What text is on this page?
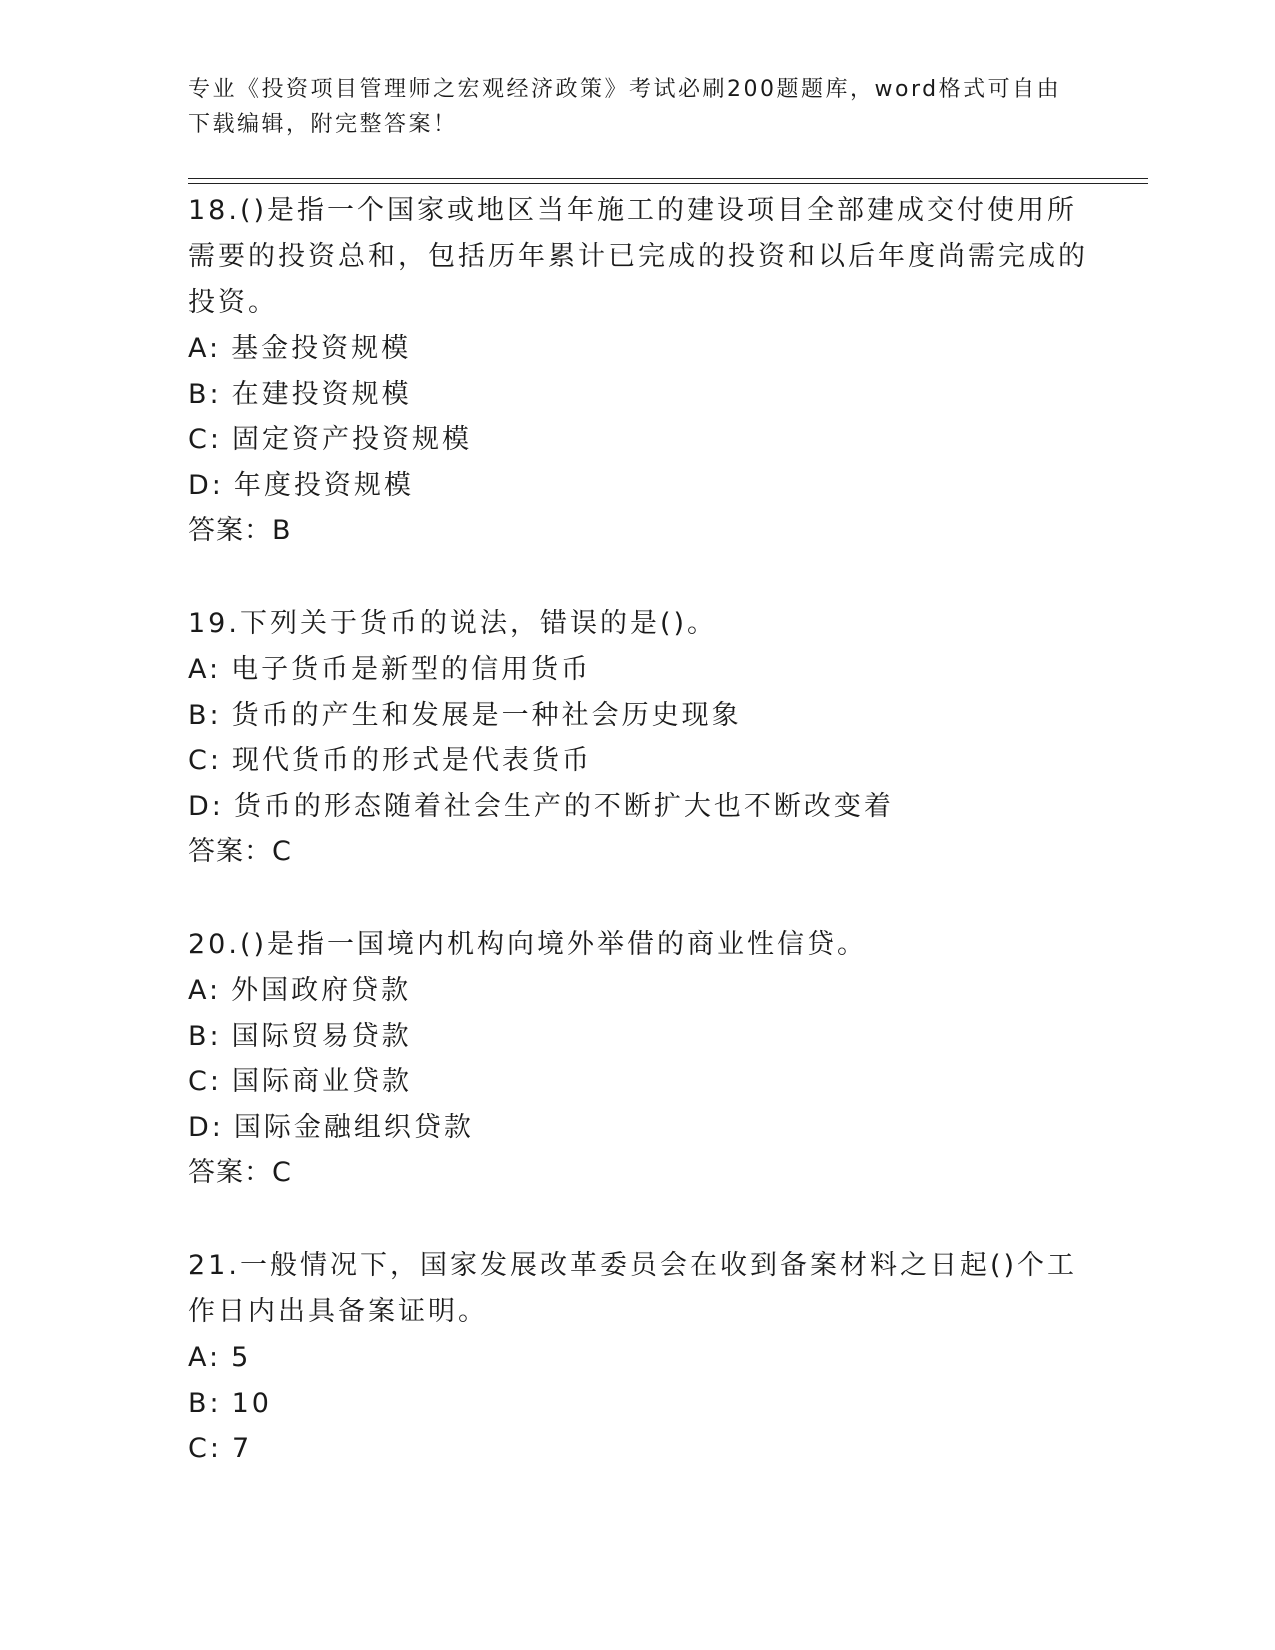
专业《投资项目管理师之宏观经济政策》考试必刷200题题库，word格式可自由
下载编辑，附完整答案！

18.()是指一个国家或地区当年施工的建设项目全部建成交付使用所需要的投资总和，包括历年累计已完成的投资和以后年度尚需完成的投资。

A: 基金投资规模

B: 在建投资规模

C: 固定资产投资规模

D: 年度投资规模

答案：B

19.下列关于货币的说法，错误的是()。

A: 电子货币是新型的信用货币

B: 货币的产生和发展是一种社会历史现象

C: 现代货币的形式是代表货币

D: 货币的形态随着社会生产的不断扩大也不断改变着

答案：C

20.()是指一国境内机构向境外举借的商业性信贷。

A: 外国政府贷款

B: 国际贸易贷款

C: 国际商业贷款

D: 国际金融组织贷款

答案：C

21.一般情况下，国家发展改革委员会在收到备案材料之日起()个工作日内出具备案证明。

A: 5

B: 10

C: 7
